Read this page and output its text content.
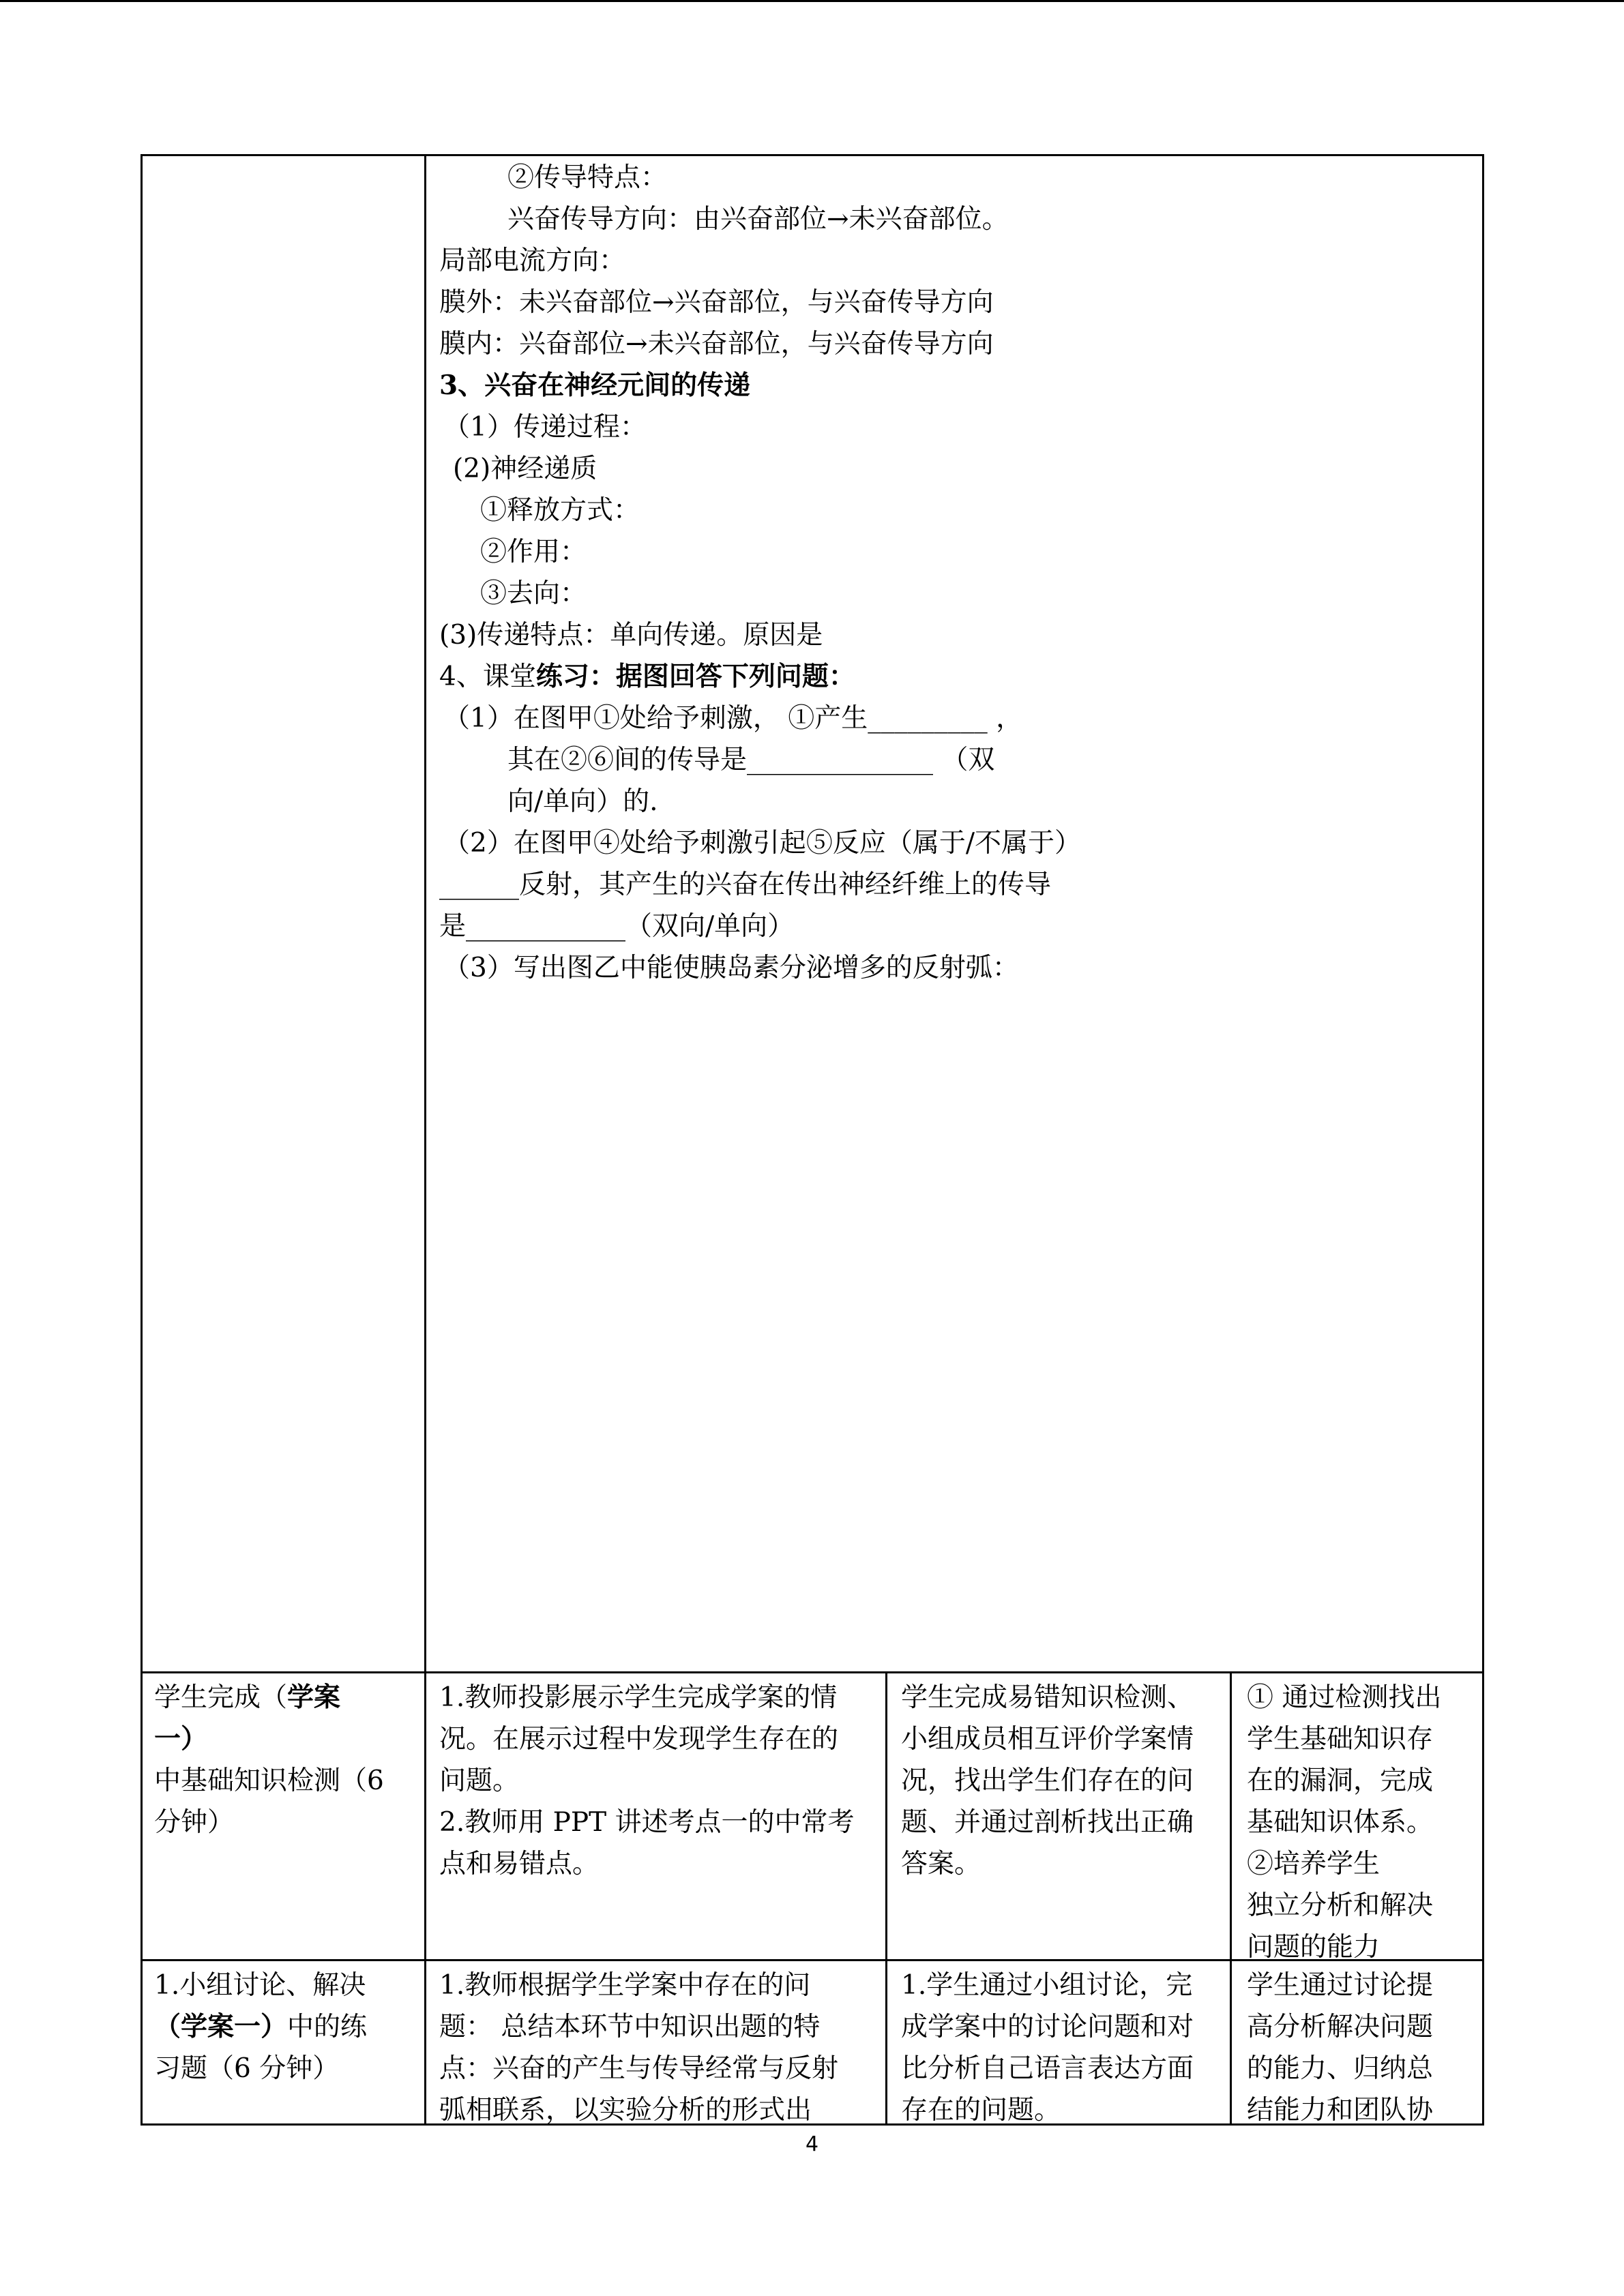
②传导特点：
兴奋传导方向：由兴奋部位→未兴奋部位。
局部电流方向：
膜外：未兴奋部位→兴奋部位，与兴奋传导方向
膜内：兴奋部位→未兴奋部位，与兴奋传导方向
3、兴奋在神经元间的传递
（1）传递过程：
(2)神经递质
①释放方式：
②作用：
③去向：
(3)传递特点：单向传递。原因是
4、课堂练习：据图回答下列问题：
（1）在图甲①处给予刺激， ①产生_________ ，
其在②⑥间的传导是______________ （双
向/单向）的.
（2）在图甲④处给予刺激引起⑤反应（属于/不属于）
______反射，其产生的兴奋在传出神经纤维上的传导
是____________（双向/单向）
（3）写出图乙中能使胰岛素分泌增多的反射弧：
学生完成（学案
一）
中基础知识检测（6
分钟）
1.教师投影展示学生完成学案的情
况。在展示过程中发现学生存在的
问题。
2.教师用 PPT 讲述考点一的中常考
点和易错点。
学生完成易错知识检测、
小组成员相互评价学案情
况，找出学生们存在的问
题、并通过剖析找出正确
答案。
① 通过检测找出
学生基础知识存
在的漏洞，完成
基础知识体系。
②培养学生
独立分析和解决
问题的能力
1.小组讨论、解决
（学案一）中的练
习题（6 分钟）
1.教师根据学生学案中存在的问
题： 总结本环节中知识出题的特
点：兴奋的产生与传导经常与反射
弧相联系，以实验分析的形式出
1.学生通过小组讨论，完
成学案中的讨论问题和对
比分析自己语言表达方面
存在的问题。
学生通过讨论提
高分析解决问题
的能力、归纳总
结能力和团队协
4
